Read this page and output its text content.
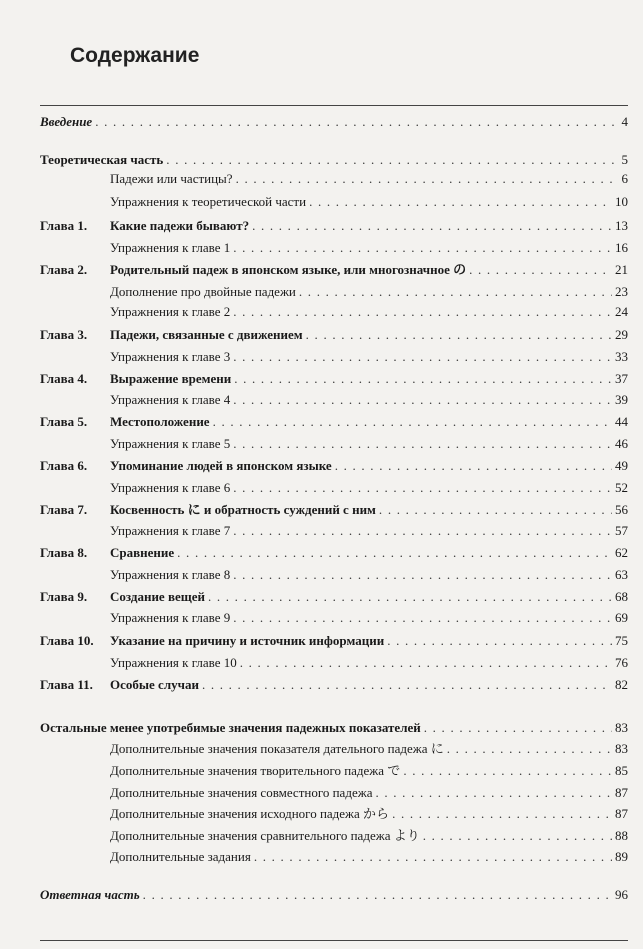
Содержание
Введение . . .	4
Теоретическая часть . . .	5
Падежи или частицы? . . .	6
Упражнения к теоретической части . . .	10
Глава 1.	Какие падежи бывают? . . .	13
Упражнения к главе 1 . . .	16
Глава 2.	Родительный падеж в японском языке, или многозначное の . . .	21
Дополнение про двойные падежи . . .	23
Упражнения к главе 2 . . .	24
Глава 3.	Падежи, связанные с движением . . .	29
Упражнения к главе 3 . . .	33
Глава 4.	Выражение времени . . .	37
Упражнения к главе 4 . . .	39
Глава 5.	Местоположение . . .	44
Упражнения к главе 5 . . .	46
Глава 6.	Упоминание людей в японском языке . . .	49
Упражнения к главе 6 . . .	52
Глава 7.	Косвенность に и обратность суждений с ним . . .	56
Упражнения к главе 7 . . .	57
Глава 8.	Сравнение . . .	62
Упражнения к главе 8 . . .	63
Глава 9.	Создание вещей . . .	68
Упражнения к главе 9 . . .	69
Глава 10.	Указание на причину и источник информации . . .	75
Упражнения к главе 10 . . .	76
Глава 11.	Особые случаи . . .	82
Остальные менее употребимые значения падежных показателей . . .	83
Дополнительные значения показателя дательного падежа に . . .	83
Дополнительные значения творительного падежа で . . .	85
Дополнительные значения совместного падежа . . .	87
Дополнительные значения исходного падежа から . . .	87
Дополнительные значения сравнительного падежа より . . .	88
Дополнительные задания . . .	89
Ответная часть . . .	96
